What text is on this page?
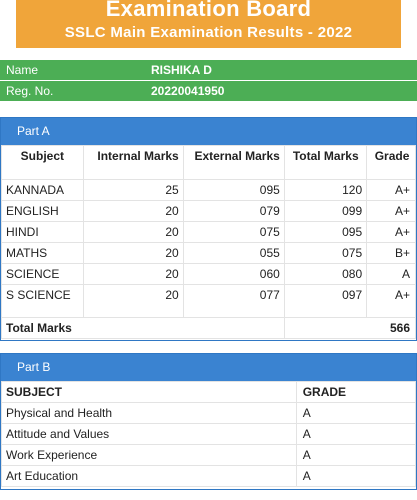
Examination Board
SSLC Main Examination Results - 2022
Name	RISHIKA D
Reg. No.	20220041950
Part A
Subject	Internal Marks	External Marks	Total Marks	Grade
KANNADA	25	095	120	A+
ENGLISH	20	079	099	A+
HINDI	20	075	095	A+
MATHS	20	055	075	B+
SCIENCE	20	060	080	A
S SCIENCE	20	077	097	A+
Total Marks			566	
Part B
SUBJECT	GRADE
Physical and Health	A
Attitude and Values	A
Work Experience	A
Art Education	A
